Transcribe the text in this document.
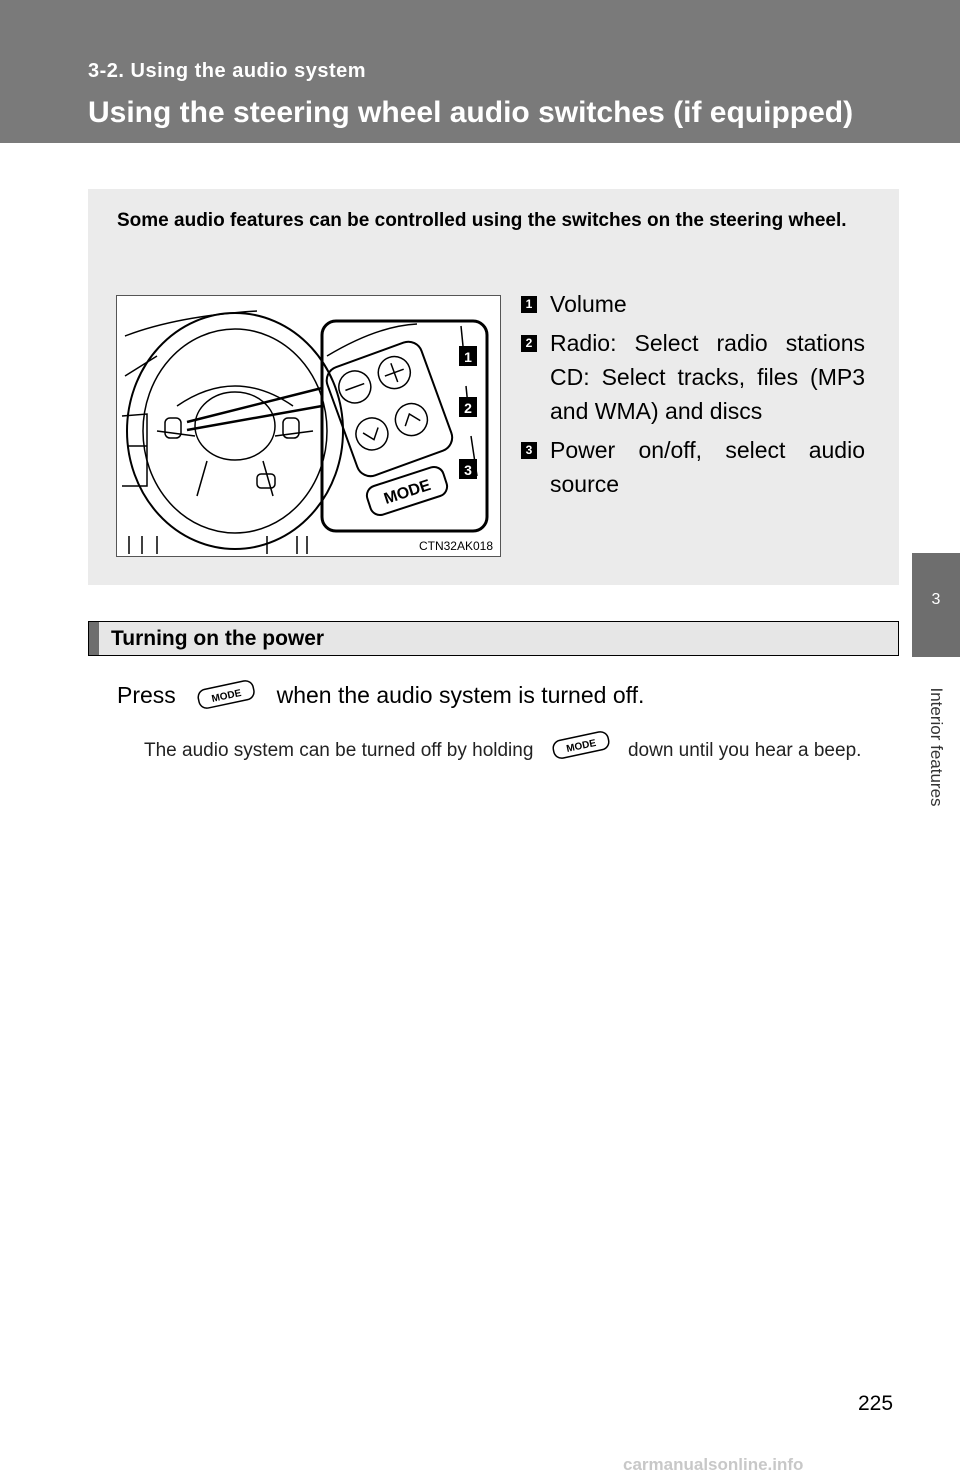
3-2. Using the audio system
Using the steering wheel audio switches (if equipped)
3
Interior features
Some audio features can be controlled using the switches on the steering wheel.
MODE
1
2
3
CTN32AK018
1 Volume
2 Radio: Select radio stations CD: Select tracks, files (MP3 and WMA) and discs
3 Power on/off, select audio source
Turning on the power
Press	MODE when the audio system is turned off.
The audio system can be turned off by holding	MODE down until you hear a beep.
225
carmanualsonline.info
